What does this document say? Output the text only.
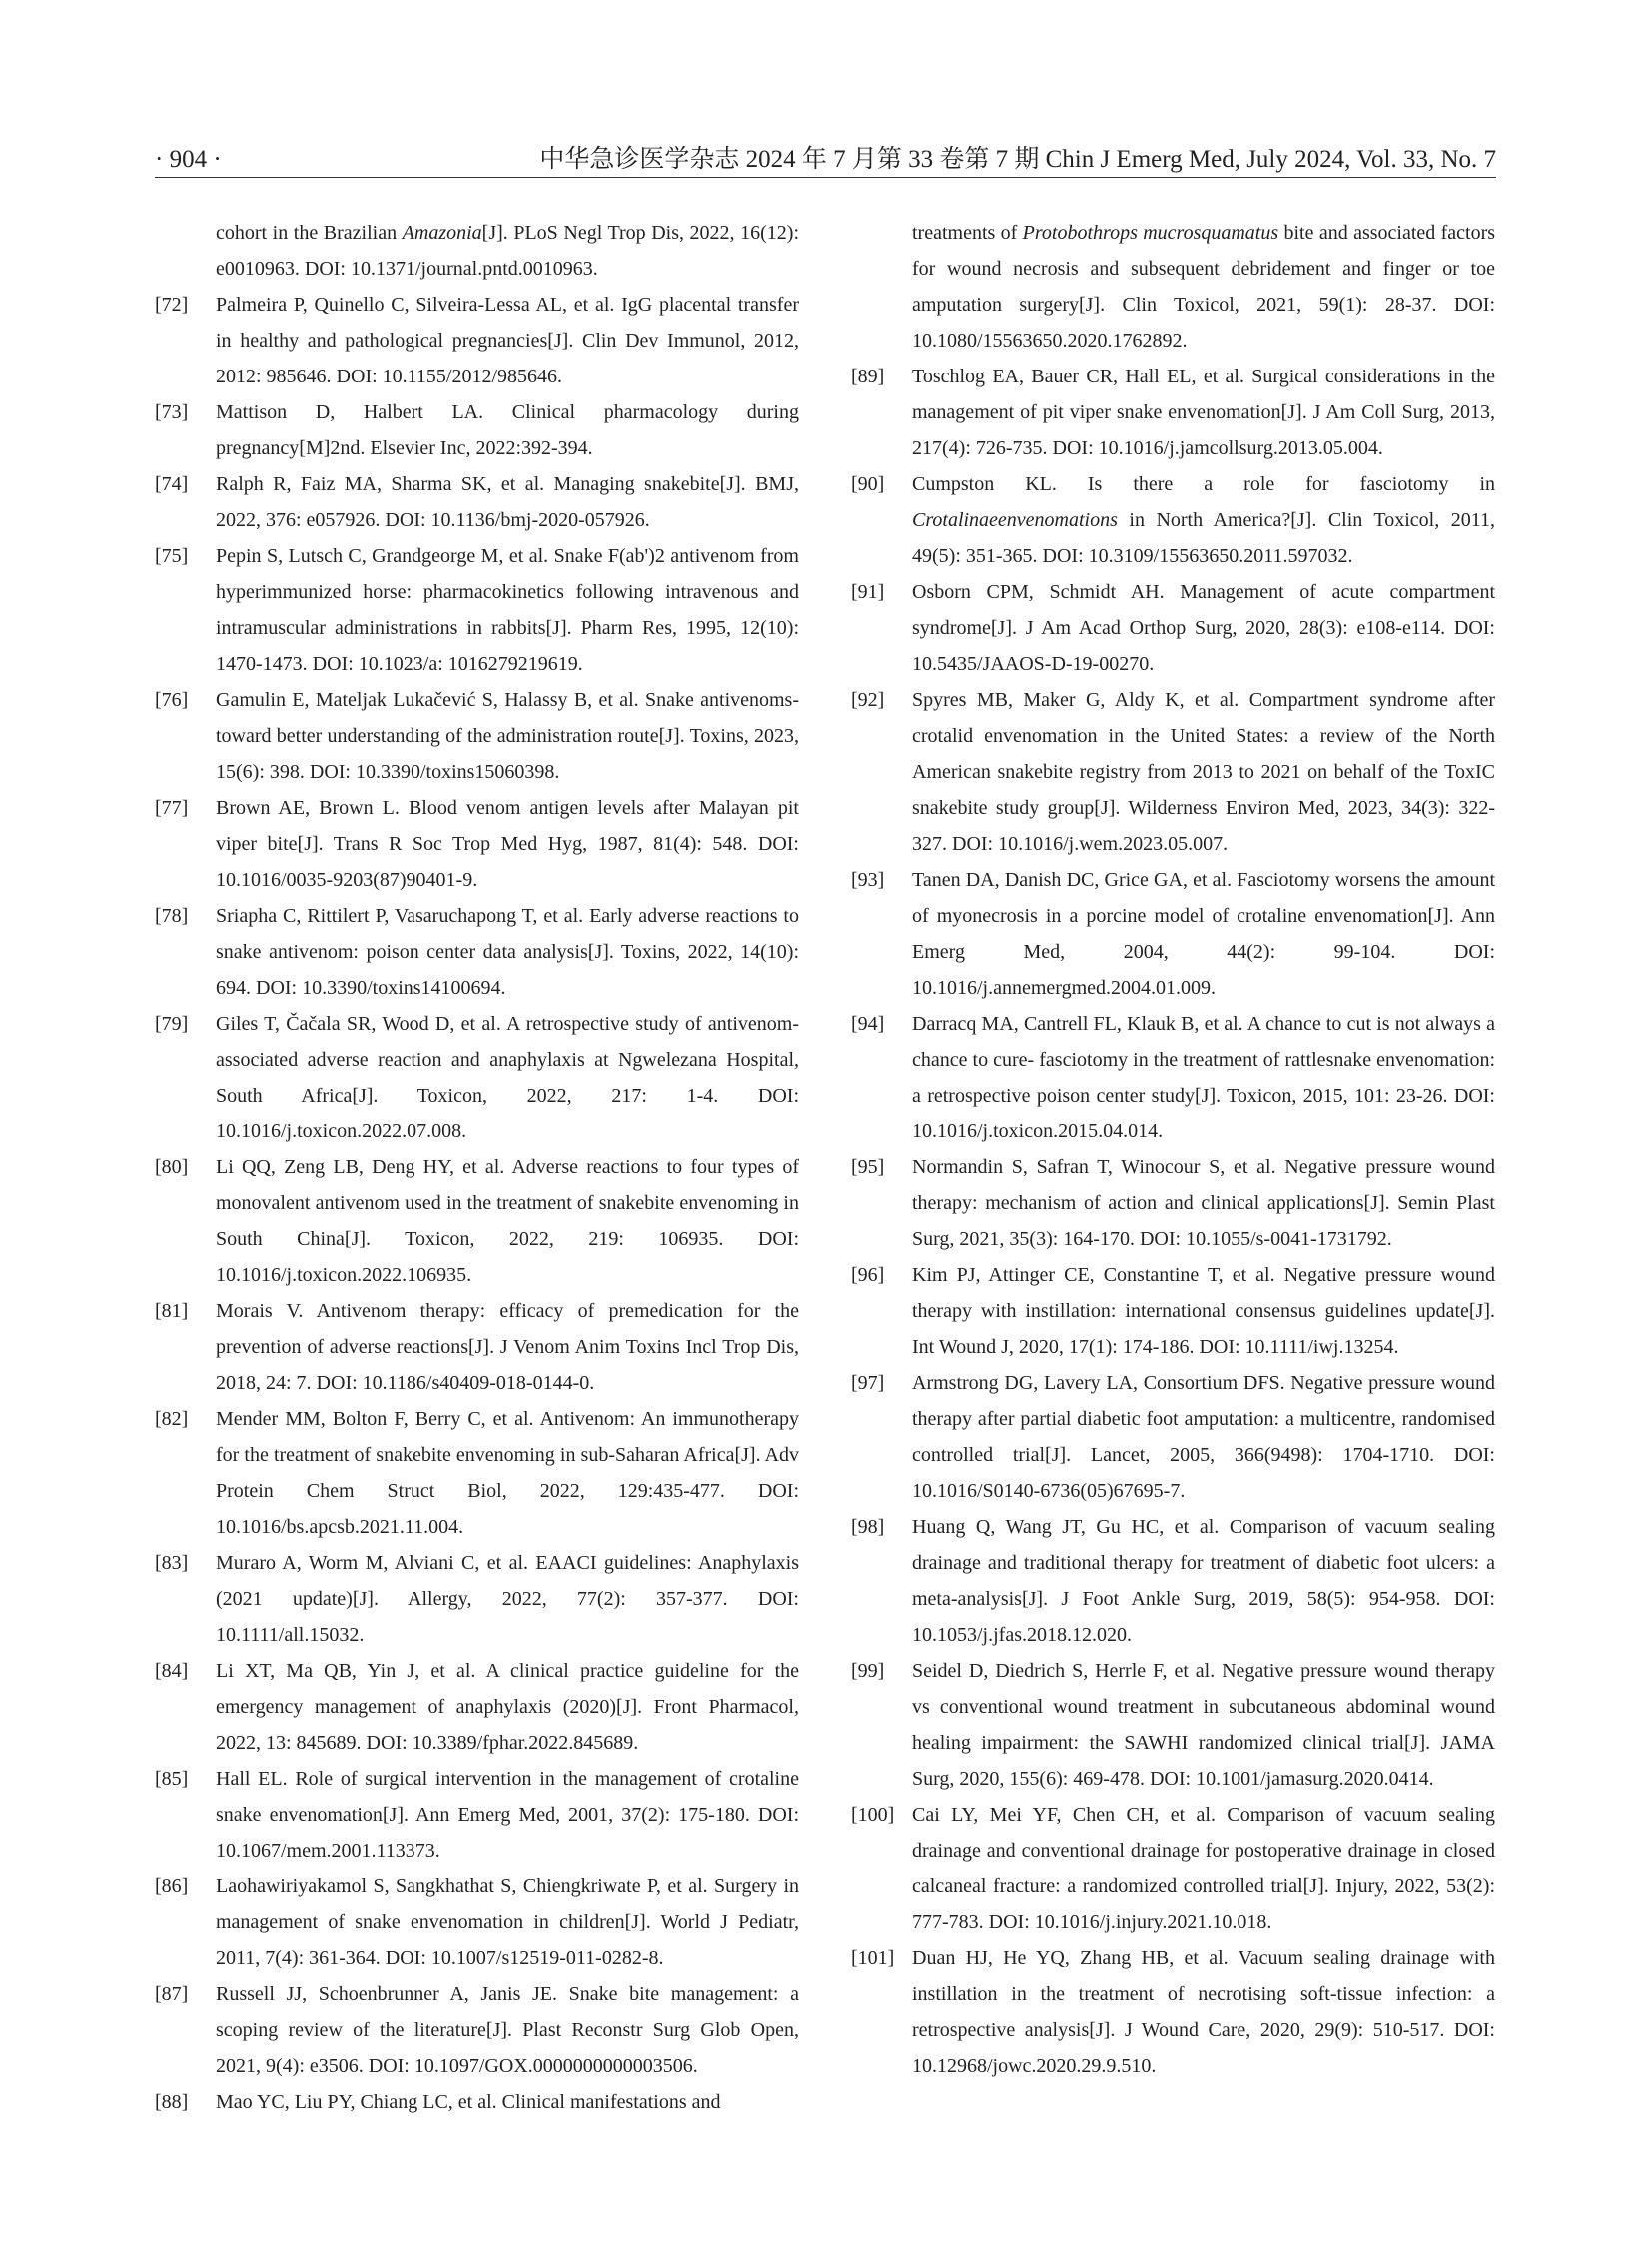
· 904 ·	中华急诊医学杂志 2024 年 7 月第 33 卷第 7 期 Chin J Emerg Med, July 2024, Vol. 33, No. 7
cohort in the Brazilian Amazonia[J]. PLoS Negl Trop Dis, 2022, 16(12): e0010963. DOI: 10.1371/journal.pntd.0010963.
[72] Palmeira P, Quinello C, Silveira-Lessa AL, et al. IgG placental transfer in healthy and pathological pregnancies[J]. Clin Dev Immunol, 2012, 2012: 985646. DOI: 10.1155/2012/985646.
[73] Mattison D, Halbert LA. Clinical pharmacology during pregnancy[M]2nd. Elsevier Inc, 2022:392-394.
[74] Ralph R, Faiz MA, Sharma SK, et al. Managing snakebite[J]. BMJ, 2022, 376: e057926. DOI: 10.1136/bmj-2020-057926.
[75] Pepin S, Lutsch C, Grandgeorge M, et al. Snake F(ab')2 antivenom from hyperimmunized horse: pharmacokinetics following intravenous and intramuscular administrations in rabbits[J]. Pharm Res, 1995, 12(10): 1470-1473. DOI: 10.1023/a: 1016279219619.
[76] Gamulin E, Mateljak Lukačević S, Halassy B, et al. Snake antivenoms-toward better understanding of the administration route[J]. Toxins, 2023, 15(6): 398. DOI: 10.3390/toxins15060398.
[77] Brown AE, Brown L. Blood venom antigen levels after Malayan pit viper bite[J]. Trans R Soc Trop Med Hyg, 1987, 81(4): 548. DOI: 10.1016/0035-9203(87)90401-9.
[78] Sriapha C, Rittilert P, Vasaruchapong T, et al. Early adverse reactions to snake antivenom: poison center data analysis[J]. Toxins, 2022, 14(10): 694. DOI: 10.3390/toxins14100694.
[79] Giles T, Čačala SR, Wood D, et al. A retrospective study of antivenom-associated adverse reaction and anaphylaxis at Ngwelezana Hospital, South Africa[J]. Toxicon, 2022, 217: 1-4. DOI: 10.1016/j.toxicon.2022.07.008.
[80] Li QQ, Zeng LB, Deng HY, et al. Adverse reactions to four types of monovalent antivenom used in the treatment of snakebite envenoming in South China[J]. Toxicon, 2022, 219: 106935. DOI: 10.1016/j.toxicon.2022.106935.
[81] Morais V. Antivenom therapy: efficacy of premedication for the prevention of adverse reactions[J]. J Venom Anim Toxins Incl Trop Dis, 2018, 24: 7. DOI: 10.1186/s40409-018-0144-0.
[82] Mender MM, Bolton F, Berry C, et al. Antivenom: An immunotherapy for the treatment of snakebite envenoming in sub-Saharan Africa[J]. Adv Protein Chem Struct Biol, 2022, 129:435-477. DOI: 10.1016/bs.apcsb.2021.11.004.
[83] Muraro A, Worm M, Alviani C, et al. EAACI guidelines: Anaphylaxis (2021 update)[J]. Allergy, 2022, 77(2): 357-377. DOI: 10.1111/all.15032.
[84] Li XT, Ma QB, Yin J, et al. A clinical practice guideline for the emergency management of anaphylaxis (2020)[J]. Front Pharmacol, 2022, 13: 845689. DOI: 10.3389/fphar.2022.845689.
[85] Hall EL. Role of surgical intervention in the management of crotaline snake envenomation[J]. Ann Emerg Med, 2001, 37(2): 175-180. DOI: 10.1067/mem.2001.113373.
[86] Laohawiriyakamol S, Sangkhathat S, Chiengkriwate P, et al. Surgery in management of snake envenomation in children[J]. World J Pediatr, 2011, 7(4): 361-364. DOI: 10.1007/s12519-011-0282-8.
[87] Russell JJ, Schoenbrunner A, Janis JE. Snake bite management: a scoping review of the literature[J]. Plast Reconstr Surg Glob Open, 2021, 9(4): e3506. DOI: 10.1097/GOX.0000000000003506.
[88] Mao YC, Liu PY, Chiang LC, et al. Clinical manifestations and
treatments of Protobothrops mucrosquamatus bite and associated factors for wound necrosis and subsequent debridement and finger or toe amputation surgery[J]. Clin Toxicol, 2021, 59(1): 28-37. DOI: 10.1080/15563650.2020.1762892.
[89] Toschlog EA, Bauer CR, Hall EL, et al. Surgical considerations in the management of pit viper snake envenomation[J]. J Am Coll Surg, 2013, 217(4): 726-735. DOI: 10.1016/j.jamcollsurg.2013.05.004.
[90] Cumpston KL. Is there a role for fasciotomy in Crotalinaeenvenomations in North America?[J]. Clin Toxicol, 2011, 49(5): 351-365. DOI: 10.3109/15563650.2011.597032.
[91] Osborn CPM, Schmidt AH. Management of acute compartment syndrome[J]. J Am Acad Orthop Surg, 2020, 28(3): e108-e114. DOI: 10.5435/JAAOS-D-19-00270.
[92] Spyres MB, Maker G, Aldy K, et al. Compartment syndrome after crotalid envenomation in the United States: a review of the North American snakebite registry from 2013 to 2021 on behalf of the ToxIC snakebite study group[J]. Wilderness Environ Med, 2023, 34(3): 322-327. DOI: 10.1016/j.wem.2023.05.007.
[93] Tanen DA, Danish DC, Grice GA, et al. Fasciotomy worsens the amount of myonecrosis in a porcine model of crotaline envenomation[J]. Ann Emerg Med, 2004, 44(2): 99-104. DOI: 10.1016/j.annemergmed.2004.01.009.
[94] Darracq MA, Cantrell FL, Klauk B, et al. A chance to cut is not always a chance to cure- fasciotomy in the treatment of rattlesnake envenomation: a retrospective poison center study[J]. Toxicon, 2015, 101: 23-26. DOI: 10.1016/j.toxicon.2015.04.014.
[95] Normandin S, Safran T, Winocour S, et al. Negative pressure wound therapy: mechanism of action and clinical applications[J]. Semin Plast Surg, 2021, 35(3): 164-170. DOI: 10.1055/s-0041-1731792.
[96] Kim PJ, Attinger CE, Constantine T, et al. Negative pressure wound therapy with instillation: international consensus guidelines update[J]. Int Wound J, 2020, 17(1): 174-186. DOI: 10.1111/iwj.13254.
[97] Armstrong DG, Lavery LA, Consortium DFS. Negative pressure wound therapy after partial diabetic foot amputation: a multicentre, randomised controlled trial[J]. Lancet, 2005, 366(9498): 1704-1710. DOI: 10.1016/S0140-6736(05)67695-7.
[98] Huang Q, Wang JT, Gu HC, et al. Comparison of vacuum sealing drainage and traditional therapy for treatment of diabetic foot ulcers: a meta-analysis[J]. J Foot Ankle Surg, 2019, 58(5): 954-958. DOI: 10.1053/j.jfas.2018.12.020.
[99] Seidel D, Diedrich S, Herrle F, et al. Negative pressure wound therapy vs conventional wound treatment in subcutaneous abdominal wound healing impairment: the SAWHI randomized clinical trial[J]. JAMA Surg, 2020, 155(6): 469-478. DOI: 10.1001/jamasurg.2020.0414.
[100] Cai LY, Mei YF, Chen CH, et al. Comparison of vacuum sealing drainage and conventional drainage for postoperative drainage in closed calcaneal fracture: a randomized controlled trial[J]. Injury, 2022, 53(2): 777-783. DOI: 10.1016/j.injury.2021.10.018.
[101] Duan HJ, He YQ, Zhang HB, et al. Vacuum sealing drainage with instillation in the treatment of necrotising soft-tissue infection: a retrospective analysis[J]. J Wound Care, 2020, 29(9): 510-517. DOI: 10.12968/jowc.2020.29.9.510.
